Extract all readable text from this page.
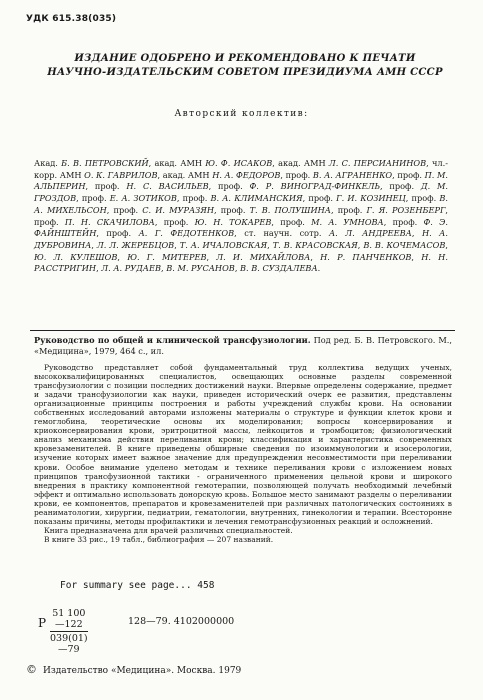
УДК 615.38(035)
ИЗДАНИЕ ОДОБРЕНО И РЕКОМЕНДОВАНО К ПЕЧАТИ
НАУЧНО-ИЗДАТЕЛЬСКИМ СОВЕТОМ ПРЕЗИДИУМА АМН СССР
Авторский коллектив:
Акад. Б. В. ПЕТРОВСКИЙ, акад. АМН Ю. Ф. ИСАКОВ, акад. АМН Л. С. ПЕРСИАНИНОВ, чл.-корр. АМН О. К. ГАВРИЛОВ, акад. АМН Н. А. ФЕДОРОВ, проф. В. А. АГРАНЕНКО, проф. П. М. АЛЬПЕРИН, проф. Н. С. ВАСИЛЬЕВ, проф. Ф. Р. ВИНОГРАД-ФИНКЕЛЬ, проф. Д. М. ГРОЗДОВ, проф. Е. А. ЗОТИКОВ, проф. В. А. КЛИМАНСКИЯ, проф. Г. И. КОЗИНЕЦ, проф. В. А. МИХЕЛЬСОН, проф. С. И. МУРАЗЯН, проф. Т. В. ПОЛУШИНА, проф. Г. Я. РОЗЕНБЕРГ, проф. П. Н. СКАЧИЛОВА, проф. Ю. Н. ТОКАРЕВ, проф. М. А. УМНОВА, проф. Ф. Э. ФАЙНШТЕЙН, проф. А. Г. ФЕДОТЕНКОВ, ст. научн. сотр. А. Л. АНДРЕЕВА, Н. А. ДУБРОВИНА, Л. Л. ЖЕРЕБЦОВ, Т. А. ИЧАЛОВСКАЯ, Т. В. КРАСОВСКАЯ, В. В. КОЧЕМАСОВ, Ю. Л. КУЛЕШОВ, Ю. Г. МИТЕРЕВ, Л. И. МИХАЙЛОВА, Н. Р. ПАНЧЕНКОВ, Н. Н. РАССТРИГИН, Л. А. РУДАЕВ, В. М. РУСАНОВ, В. В. СУЗДАЛЕВА.
Руководство по общей и клинической трансфузиологии. Под ред. Б. В. Петровского. М., «Медицина», 1979, 464 с., ил.

Руководство представляет собой фундаментальный труд коллектива ведущих ученых, высококвалифицированных специалистов, освещающих основные разделы современной трансфузиологии с позиции последних достижений науки. Впервые определены содержание, предмет и задачи трансфузиологии как науки, приведен исторический очерк ее развития, представлены организационные принципы построения и работы учреждений службы крови. На основании собственных исследований авторами изложены материалы о структуре и функции клеток крови и гемоглобина, теоретические основы их моделирования; вопросы консервирования и криоконсервирования крови, эритроцитной массы, лейкоцитов и тромбоцитов; физиологический анализ механизма действия переливания крови; классификация и характеристика современных кровезаменителей. В книге приведены обширные сведения по изоиммунологии и изосерологии, изучение которых имеет важное значение для предупреждения несовместимости при переливании крови. Особое внимание уделено методам и технике переливания крови с изложением новых принципов трансфузионной тактики - ограниченного применения цельной крови и широкого внедрения в практику компонентной гемотерапии, позволяющей получать необходимый лечебный эффект и оптимально использовать донорскую кровь. Большое место занимают разделы о переливании крови, ее компонентов, препаратов и кровезаменителей при различных патологических состояниях в реаниматологии, хирургии, педиатрии, гематологии, внутренних, гинекологии и терапии. Всесторонне показаны причины, методы профилактики и лечения гемотрансфузионных реакций и осложнений.

Книга предназначена для врачей различных специальностей.

В книге 33 рис., 19 табл., библиография — 207 названий.

For summary see page... 458
Р $\frac{51 100—122}{039(01)—79}$	128—79. 4102000000
© Издательство «Медицина». Москва. 1979
